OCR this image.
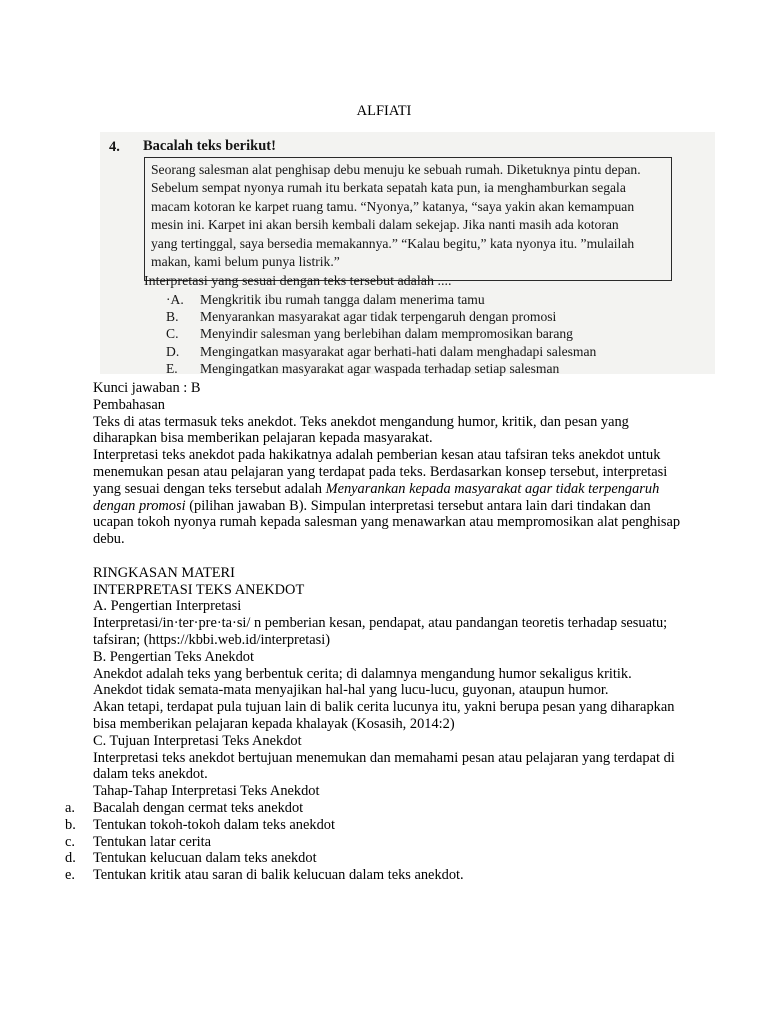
ALFIATI
4. Bacalah teks berikut!
Seorang salesman alat penghisap debu menuju ke sebuah rumah. Diketuknya pintu depan.
Sebelum sempat nyonya rumah itu berkata sepatah kata pun, ia menghamburkan segala
macam kotoran ke karpet ruang tamu. “Nyonya,” katanya, “saya yakin akan kemampuan
mesin ini. Karpet ini akan bersih kembali dalam sekejap. Jika nanti masih ada kotoran
yang tertinggal, saya bersedia memakannya.” “Kalau begitu,” kata nyonya itu. ”mulailah
makan, kami belum punya listrik.”
Interpretasi yang sesuai dengan teks tersebut adalah ....
·A.	Mengkritik ibu rumah tangga dalam menerima tamu
B.	Menyarankan masyarakat agar tidak terpengaruh dengan promosi
C.	Menyindir salesman yang berlebihan dalam mempromosikan barang
D.	Mengingatkan masyarakat agar berhati-hati dalam menghadapi salesman
E.	Mengingatkan masyarakat agar waspada terhadap setiap salesman

Kunci jawaban : B

Pembahasan

Teks di atas termasuk teks anekdot. Teks anekdot mengandung humor, kritik, dan pesan yang diharapkan bisa memberikan pelajaran kepada masyarakat.

Interpretasi teks anekdot pada hakikatnya adalah pemberian kesan atau tafsiran teks anekdot untuk menemukan pesan atau pelajaran yang terdapat pada teks. Berdasarkan konsep tersebut, interpretasi yang sesuai dengan teks tersebut adalah Menyarankan kepada masyarakat agar tidak terpengaruh dengan promosi (pilihan jawaban B). Simpulan interpretasi tersebut antara lain dari tindakan dan ucapan tokoh nyonya rumah kepada salesman yang menawarkan atau mempromosikan alat penghisap debu.

RINGKASAN MATERI

INTERPRETASI TEKS ANEKDOT

A. Pengertian Interpretasi

Interpretasi/in·ter·pre·ta·si/ n pemberian kesan, pendapat, atau pandangan teoretis terhadap sesuatu; tafsiran; (https://kbbi.web.id/interpretasi)

B. Pengertian Teks Anekdot

Anekdot adalah teks yang berbentuk cerita; di dalamnya mengandung humor sekaligus kritik.

Anekdot tidak semata-mata menyajikan hal-hal yang lucu-lucu, guyonan, ataupun humor.

Akan tetapi, terdapat pula tujuan lain di balik cerita lucunya itu, yakni berupa pesan yang diharapkan bisa memberikan pelajaran kepada khalayak (Kosasih, 2014:2)

C. Tujuan Interpretasi Teks Anekdot

Interpretasi teks anekdot bertujuan menemukan dan memahami pesan atau pelajaran yang terdapat di dalam teks anekdot.

Tahap-Tahap Interpretasi Teks Anekdot

a. Bacalah dengan cermat teks anekdot
b. Tentukan tokoh-tokoh dalam teks anekdot
c. Tentukan latar cerita
d. Tentukan kelucuan dalam teks anekdot
e. Tentukan kritik atau saran di balik kelucuan dalam teks anekdot.
